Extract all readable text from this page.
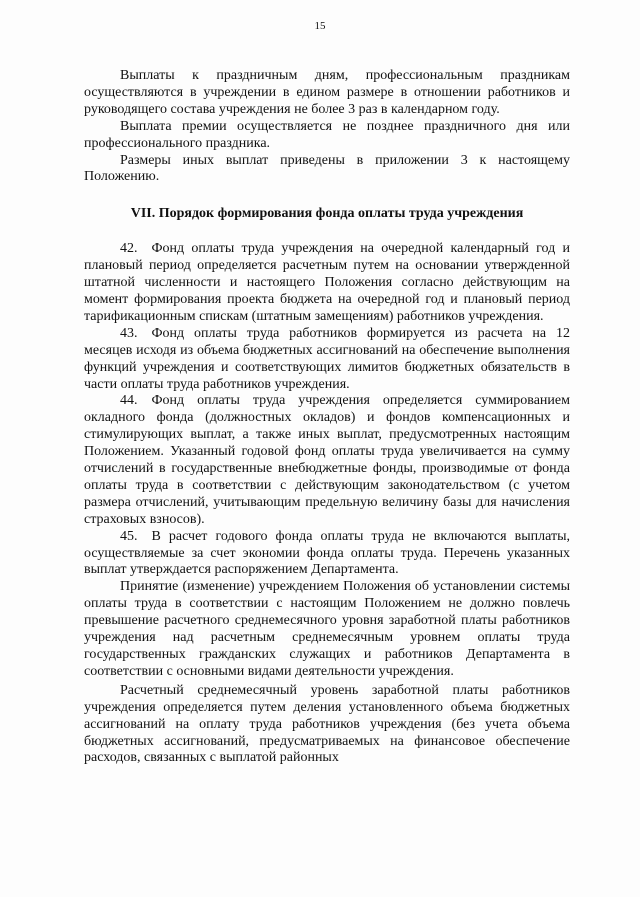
15

Выплаты к праздничным дням, профессиональным праздникам осуществляются в учреждении в едином размере в отношении работников и руководящего состава учреждения не более 3 раз в календарном году.

Выплата премии осуществляется не позднее праздничного дня или профессионального праздника.

Размеры иных выплат приведены в приложении 3 к настоящему Положению.

VII. Порядок формирования фонда оплаты труда учреждения

42. Фонд оплаты труда учреждения на очередной календарный год и плановый период определяется расчетным путем на основании утвержденной штатной численности и настоящего Положения согласно действующим на момент формирования проекта бюджета на очередной год и плановый период тарификационным спискам (штатным замещениям) работников учреждения.

43. Фонд оплаты труда работников формируется из расчета на 12 месяцев исходя из объема бюджетных ассигнований на обеспечение выполнения функций учреждения и соответствующих лимитов бюджетных обязательств в части оплаты труда работников учреждения.

44. Фонд оплаты труда учреждения определяется суммированием окладного фонда (должностных окладов) и фондов компенсационных и стимулирующих выплат, а также иных выплат, предусмотренных настоящим Положением. Указанный годовой фонд оплаты труда увеличивается на сумму отчислений в государственные внебюджетные фонды, производимые от фонда оплаты труда в соответствии с действующим законодательством (с учетом размера отчислений, учитывающим предельную величину базы для начисления страховых взносов).

45. В расчет годового фонда оплаты труда не включаются выплаты, осуществляемые за счет экономии фонда оплаты труда. Перечень указанных выплат утверждается распоряжением Департамента.

Принятие (изменение) учреждением Положения об установлении системы оплаты труда в соответствии с настоящим Положением не должно повлечь превышение расчетного среднемесячного уровня заработной платы работников учреждения над расчетным среднемесячным уровнем оплаты труда государственных гражданских служащих и работников Департамента в соответствии с основными видами деятельности учреждения.

Расчетный среднемесячный уровень заработной платы работников учреждения определяется путем деления установленного объема бюджетных ассигнований на оплату труда работников учреждения (без учета объема бюджетных ассигнований, предусматриваемых на финансовое обеспечение расходов, связанных с выплатой районных
